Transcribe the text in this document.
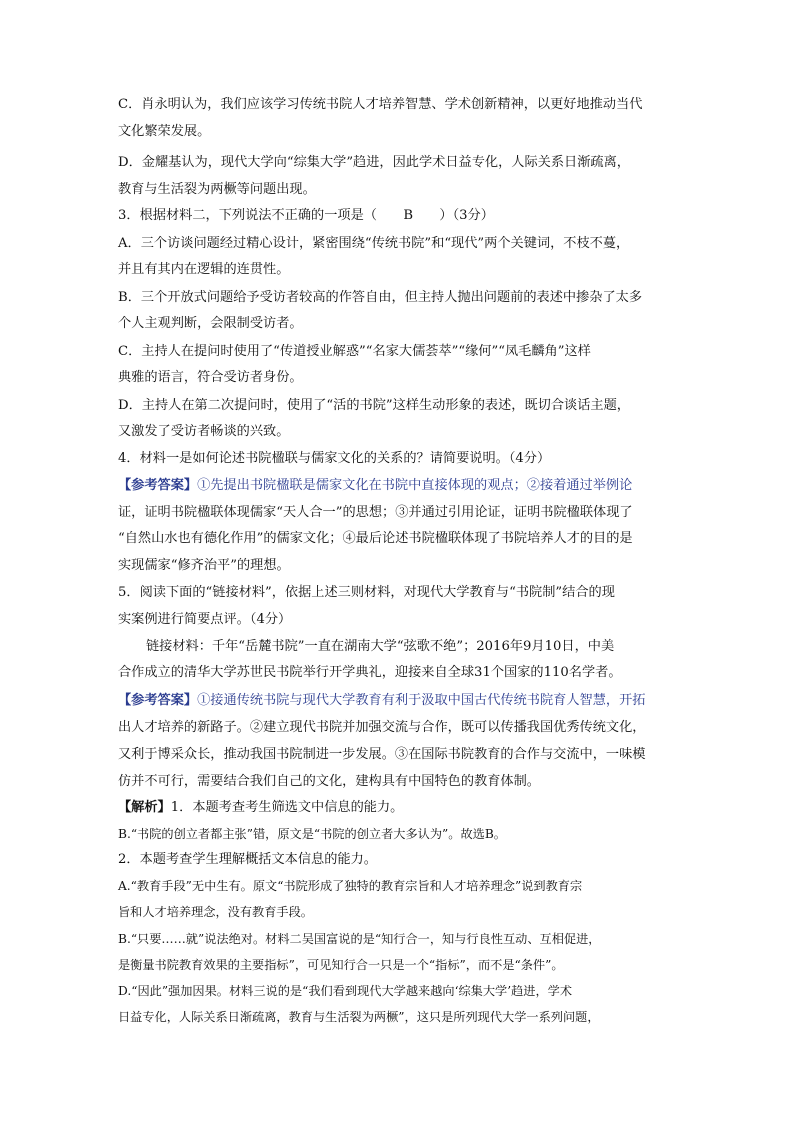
C．肖永明认为，我们应该学习传统书院人才培养智慧、学术创新精神，以更好地推动当代
文化繁荣发展。
D．金耀基认为，现代大学向“综集大学”趋进，因此学术日益专化，人际关系日渐疏离，
教育与生活裂为两橛等问题出现。
3．根据材料二，下列说法不正确的一项是（　　B　　）（3分）
A．三个访谈问题经过精心设计，紧密围绕“传统书院”和“现代”两个关键词，不枝不蔓，
并且有其内在逻辑的连贯性。
B．三个开放式问题给予受访者较高的作答自由，但主持人抛出问题前的表述中掺杂了太多
个人主观判断，会限制受访者。
C．主持人在提问时使用了“传道授业解惑”“名家大儒荟萃”“缘何”“凤毛麟角”这样
典雅的语言，符合受访者身份。
D．主持人在第二次提问时，使用了“活的书院”这样生动形象的表述，既切合谈话主题，
又激发了受访者畅谈的兴致。
4．材料一是如何论述书院楹联与儒家文化的关系的？请简要说明。（4分）
【参考答案】①先提出书院楹联是儒家文化在书院中直接体现的观点；②接着通过举例论
证，证明书院楹联体现儒家“天人合一”的思想；③并通过引用论证，证明书院楹联体现了
“自然山水也有德化作用”的儒家文化；④最后论述书院楹联体现了书院培养人才的目的是
实现儒家“修齐治平”的理想。
5．阅读下面的“链接材料”，依据上述三则材料，对现代大学教育与“书院制”结合的现
实案例进行简要点评。（4分）
链接材料：千年“岳麓书院”一直在湖南大学“弦歌不绝”；2016年9月10日，中美
合作成立的清华大学苏世民书院举行开学典礼，迎接来自全球31个国家的110名学者。
【参考答案】①接通传统书院与现代大学教育有利于汲取中国古代传统书院育人智慧，开拓
出人才培养的新路子。②建立现代书院并加强交流与合作，既可以传播我国优秀传统文化，
又利于博采众长，推动我国书院制进一步发展。③在国际书院教育的合作与交流中，一味模
仿并不可行，需要结合我们自己的文化，建构具有中国特色的教育体制。
【解析】1．本题考查考生筛选文中信息的能力。
B.“书院的创立者都主张”错，原文是“书院的创立者大多认为”。故选B。
2．本题考查学生理解概括文本信息的能力。
A.“教育手段”无中生有。原文“书院形成了独特的教育宗旨和人才培养理念”说到教育宗
旨和人才培养理念，没有教育手段。
B.“只要……就”说法绝对。材料二吴国富说的是“知行合一，知与行良性互动、互相促进，
是衡量书院教育效果的主要指标”，可见知行合一只是一个“指标”，而不是“条件”。
D.“因此”强加因果。材料三说的是“我们看到现代大学越来越向‘综集大学’趋进，学术
日益专化，人际关系日渐疏离，教育与生活裂为两橛”，这只是所列现代大学一系列问题，
